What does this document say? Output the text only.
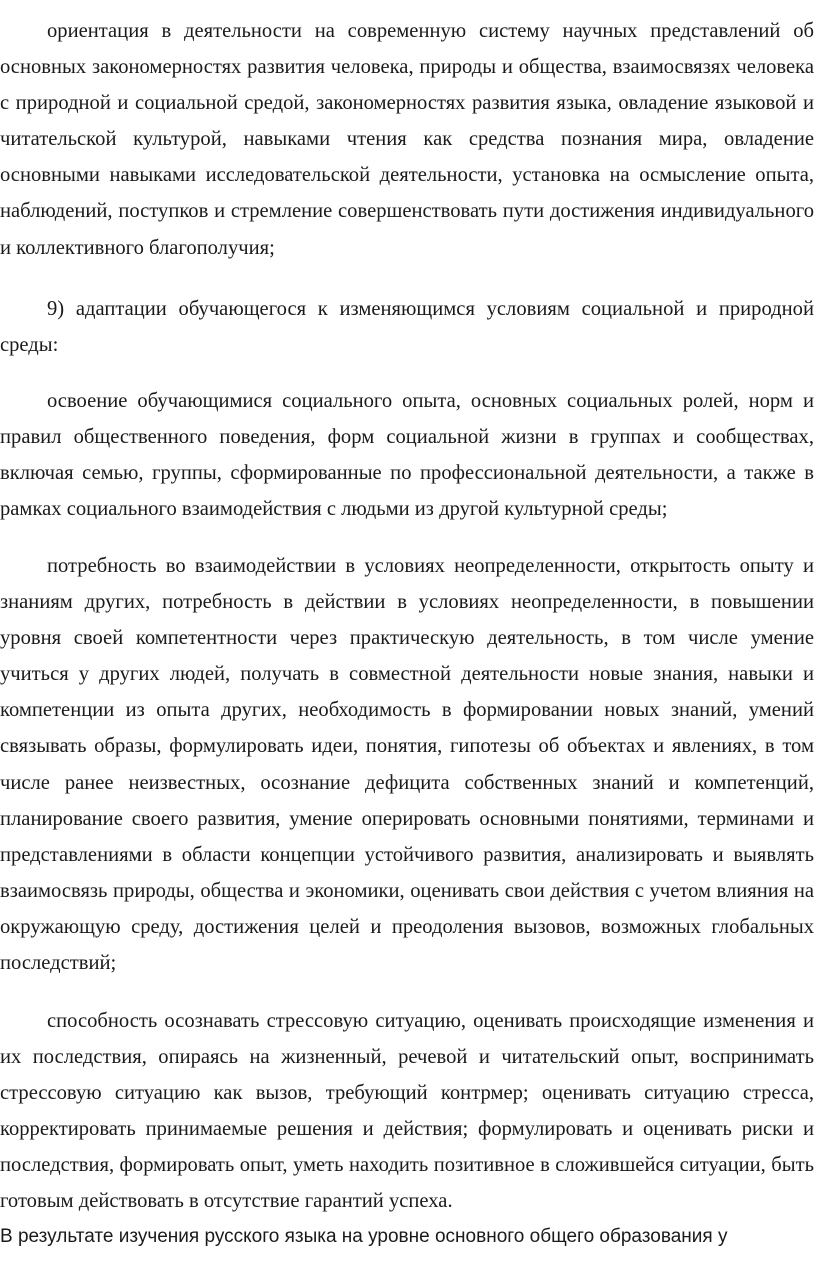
ориентация в деятельности на современную систему научных представлений об основных закономерностях развития человека, природы и общества, взаимосвязях человека с природной и социальной средой, закономерностях развития языка, овладение языковой и читательской культурой, навыками чтения как средства познания мира, овладение основными навыками исследовательской деятельности, установка на осмысление опыта, наблюдений, поступков и стремление совершенствовать пути достижения индивидуального и коллективного благополучия;

9) адаптации обучающегося к изменяющимся условиям социальной и природной среды:

освоение обучающимися социального опыта, основных социальных ролей, норм и правил общественного поведения, форм социальной жизни в группах и сообществах, включая семью, группы, сформированные по профессиональной деятельности, а также в рамках социального взаимодействия с людьми из другой культурной среды;

потребность во взаимодействии в условиях неопределенности, открытость опыту и знаниям других, потребность в действии в условиях неопределенности, в повышении уровня своей компетентности через практическую деятельность, в том числе умение учиться у других людей, получать в совместной деятельности новые знания, навыки и компетенции из опыта других, необходимость в формировании новых знаний, умений связывать образы, формулировать идеи, понятия, гипотезы об объектах и явлениях, в том числе ранее неизвестных, осознание дефицита собственных знаний и компетенций, планирование своего развития, умение оперировать основными понятиями, терминами и представлениями в области концепции устойчивого развития, анализировать и выявлять взаимосвязь природы, общества и экономики, оценивать свои действия с учетом влияния на окружающую среду, достижения целей и преодоления вызовов, возможных глобальных последствий;

способность осознавать стрессовую ситуацию, оценивать происходящие изменения и их последствия, опираясь на жизненный, речевой и читательский опыт, воспринимать стрессовую ситуацию как вызов, требующий контрмер; оценивать ситуацию стресса, корректировать принимаемые решения и действия; формулировать и оценивать риски и последствия, формировать опыт, уметь находить позитивное в сложившейся ситуации, быть готовым действовать в отсутствие гарантий успеха.

В результате изучения русского языка на уровне основного общего образования у
